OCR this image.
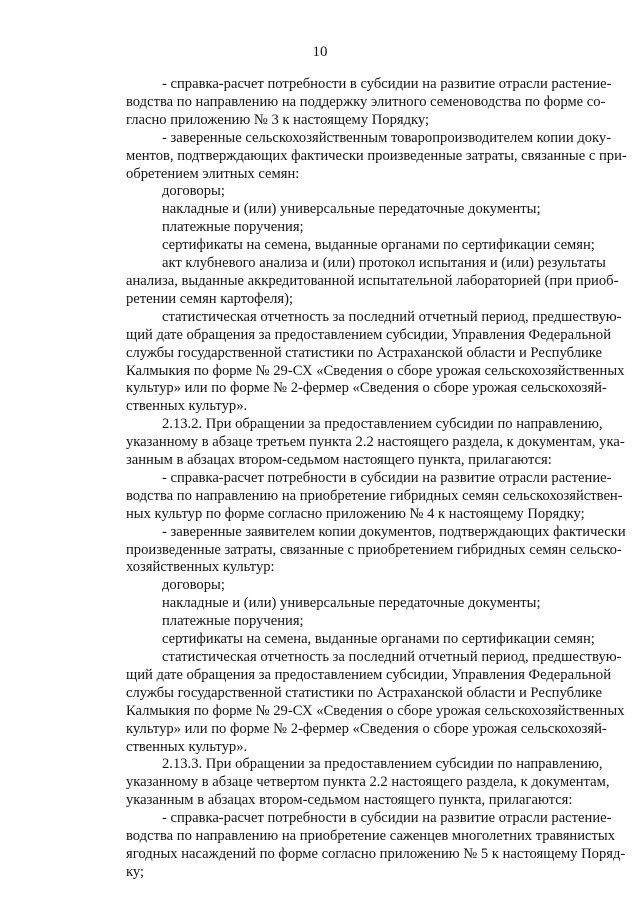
10
- справка-расчет потребности в субсидии на развитие отрасли растение-
водства по направлению на поддержку элитного семеноводства по форме со-
гласно приложению № 3 к настоящему Порядку;
- заверенные сельскохозяйственным товаропроизводителем копии доку-
ментов, подтверждающих фактически произведенные затраты, связанные с при-
обретением элитных семян:
договоры;
накладные и (или) универсальные передаточные документы;
платежные поручения;
сертификаты на семена, выданные органами по сертификации семян;
акт клубневого анализа и (или) протокол испытания и (или) результаты
анализа, выданные аккредитованной испытательной лабораторией (при приоб-
ретении семян картофеля);
статистическая отчетность за последний отчетный период, предшествую-
щий дате обращения за предоставлением субсидии, Управления Федеральной
службы государственной статистики по Астраханской области и Республике
Калмыкия по форме № 29-СХ «Сведения о сборе урожая сельскохозяйственных
культур» или по форме № 2-фермер «Сведения о сборе урожая сельскохозяй-
ственных культур».
2.13.2. При обращении за предоставлением субсидии по направлению,
указанному в абзаце третьем пункта 2.2 настоящего раздела, к документам, ука-
занным в абзацах втором-седьмом настоящего пункта, прилагаются:
- справка-расчет потребности в субсидии на развитие отрасли растение-
водства по направлению на приобретение гибридных семян сельскохозяйствен-
ных культур по форме согласно приложению № 4 к настоящему Порядку;
- заверенные заявителем копии документов, подтверждающих фактически
произведенные затраты, связанные с приобретением гибридных семян сельско-
хозяйственных культур:
договоры;
накладные и (или) универсальные передаточные документы;
платежные поручения;
сертификаты на семена, выданные органами по сертификации семян;
статистическая отчетность за последний отчетный период, предшествую-
щий дате обращения за предоставлением субсидии, Управления Федеральной
службы государственной статистики по Астраханской области и Республике
Калмыкия по форме № 29-СХ «Сведения о сборе урожая сельскохозяйственных
культур» или по форме № 2-фермер «Сведения о сборе урожая сельскохозяй-
ственных культур».
2.13.3. При обращении за предоставлением субсидии по направлению,
указанному в абзаце четвертом пункта 2.2 настоящего раздела, к документам,
указанным в абзацах втором-седьмом настоящего пункта, прилагаются:
- справка-расчет потребности в субсидии на развитие отрасли растение-
водства по направлению на приобретение саженцев многолетних травянистых
ягодных насаждений по форме согласно приложению № 5 к настоящему Поряд-
ку;
